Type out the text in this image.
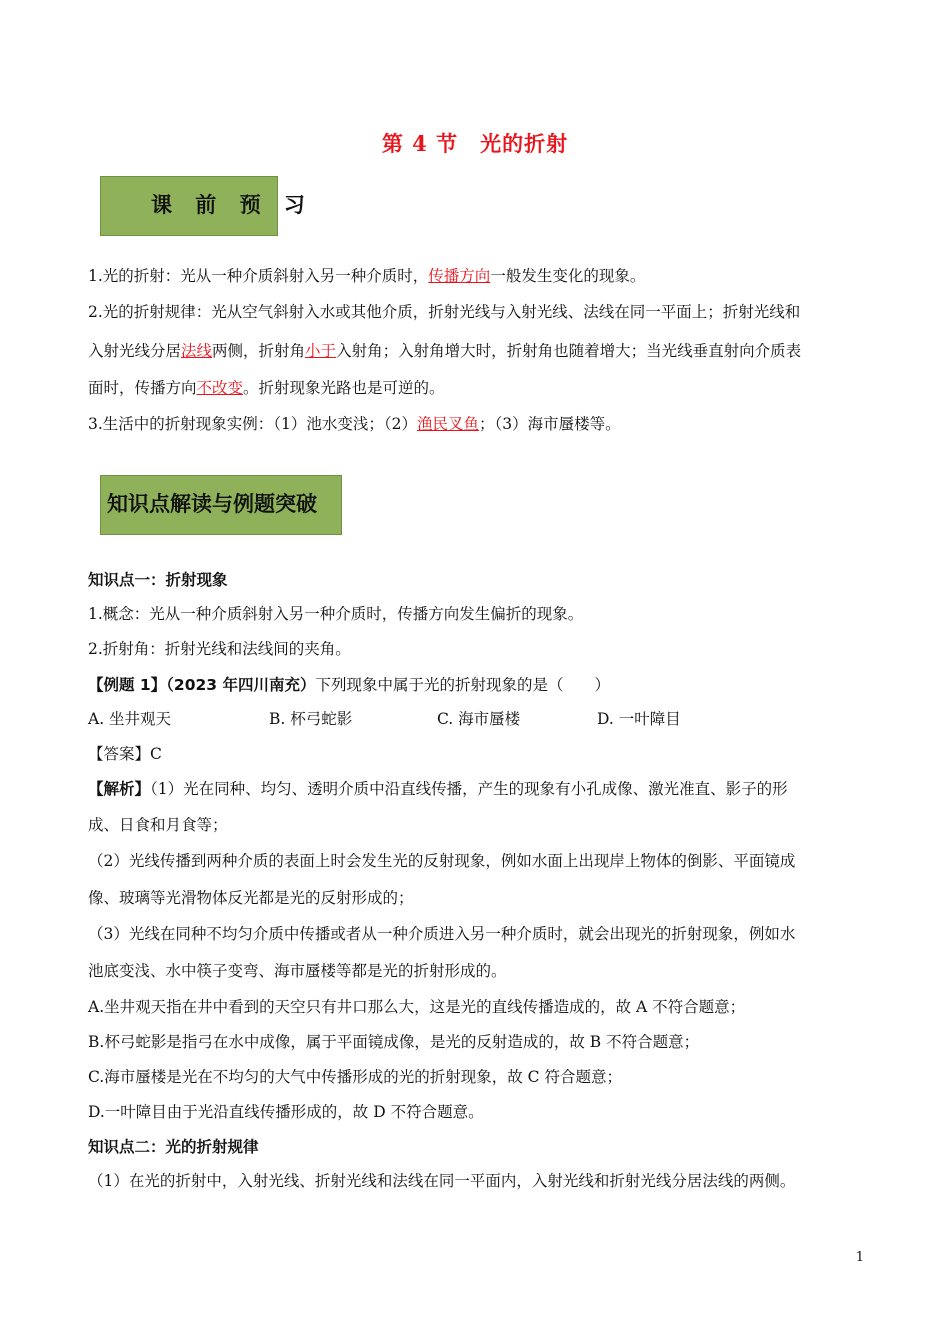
第 4 节　光的折射
课 前 预 习
1.光的折射：光从一种介质斜射入另一种介质时，传播方向一般发生变化的现象。
2.光的折射规律：光从空气斜射入水或其他介质，折射光线与入射光线、法线在同一平面上；折射光线和
入射光线分居法线两侧，折射角小于入射角；入射角增大时，折射角也随着增大；当光线垂直射向介质表
面时，传播方向不改变。折射现象光路也是可逆的。
3.生活中的折射现象实例：（1）池水变浅；（2）渔民叉鱼；（3）海市蜃楼等。
知识点解读与例题突破
知识点一：折射现象
1.概念：光从一种介质斜射入另一种介质时，传播方向发生偏折的现象。
2.折射角：折射光线和法线间的夹角。
【例题 1】（2023 年四川南充）下列现象中属于光的折射现象的是（　　）
A. 坐井观天	B. 杯弓蛇影	C. 海市蜃楼	D. 一叶障目
【答案】C
【解析】（1）光在同种、均匀、透明介质中沿直线传播，产生的现象有小孔成像、激光准直、影子的形
成、日食和月食等；
（2）光线传播到两种介质的表面上时会发生光的反射现象，例如水面上出现岸上物体的倒影、平面镜成
像、玻璃等光滑物体反光都是光的反射形成的；
（3）光线在同种不均匀介质中传播或者从一种介质进入另一种介质时，就会出现光的折射现象，例如水
池底变浅、水中筷子变弯、海市蜃楼等都是光的折射形成的。
A.坐井观天指在井中看到的天空只有井口那么大，这是光的直线传播造成的，故 A 不符合题意；
B.杯弓蛇影是指弓在水中成像，属于平面镜成像，是光的反射造成的，故 B 不符合题意；
C.海市蜃楼是光在不均匀的大气中传播形成的光的折射现象，故 C 符合题意；
D.一叶障目由于光沿直线传播形成的，故 D 不符合题意。
知识点二：光的折射规律
（1）在光的折射中，入射光线、折射光线和法线在同一平面内，入射光线和折射光线分居法线的两侧。
1
